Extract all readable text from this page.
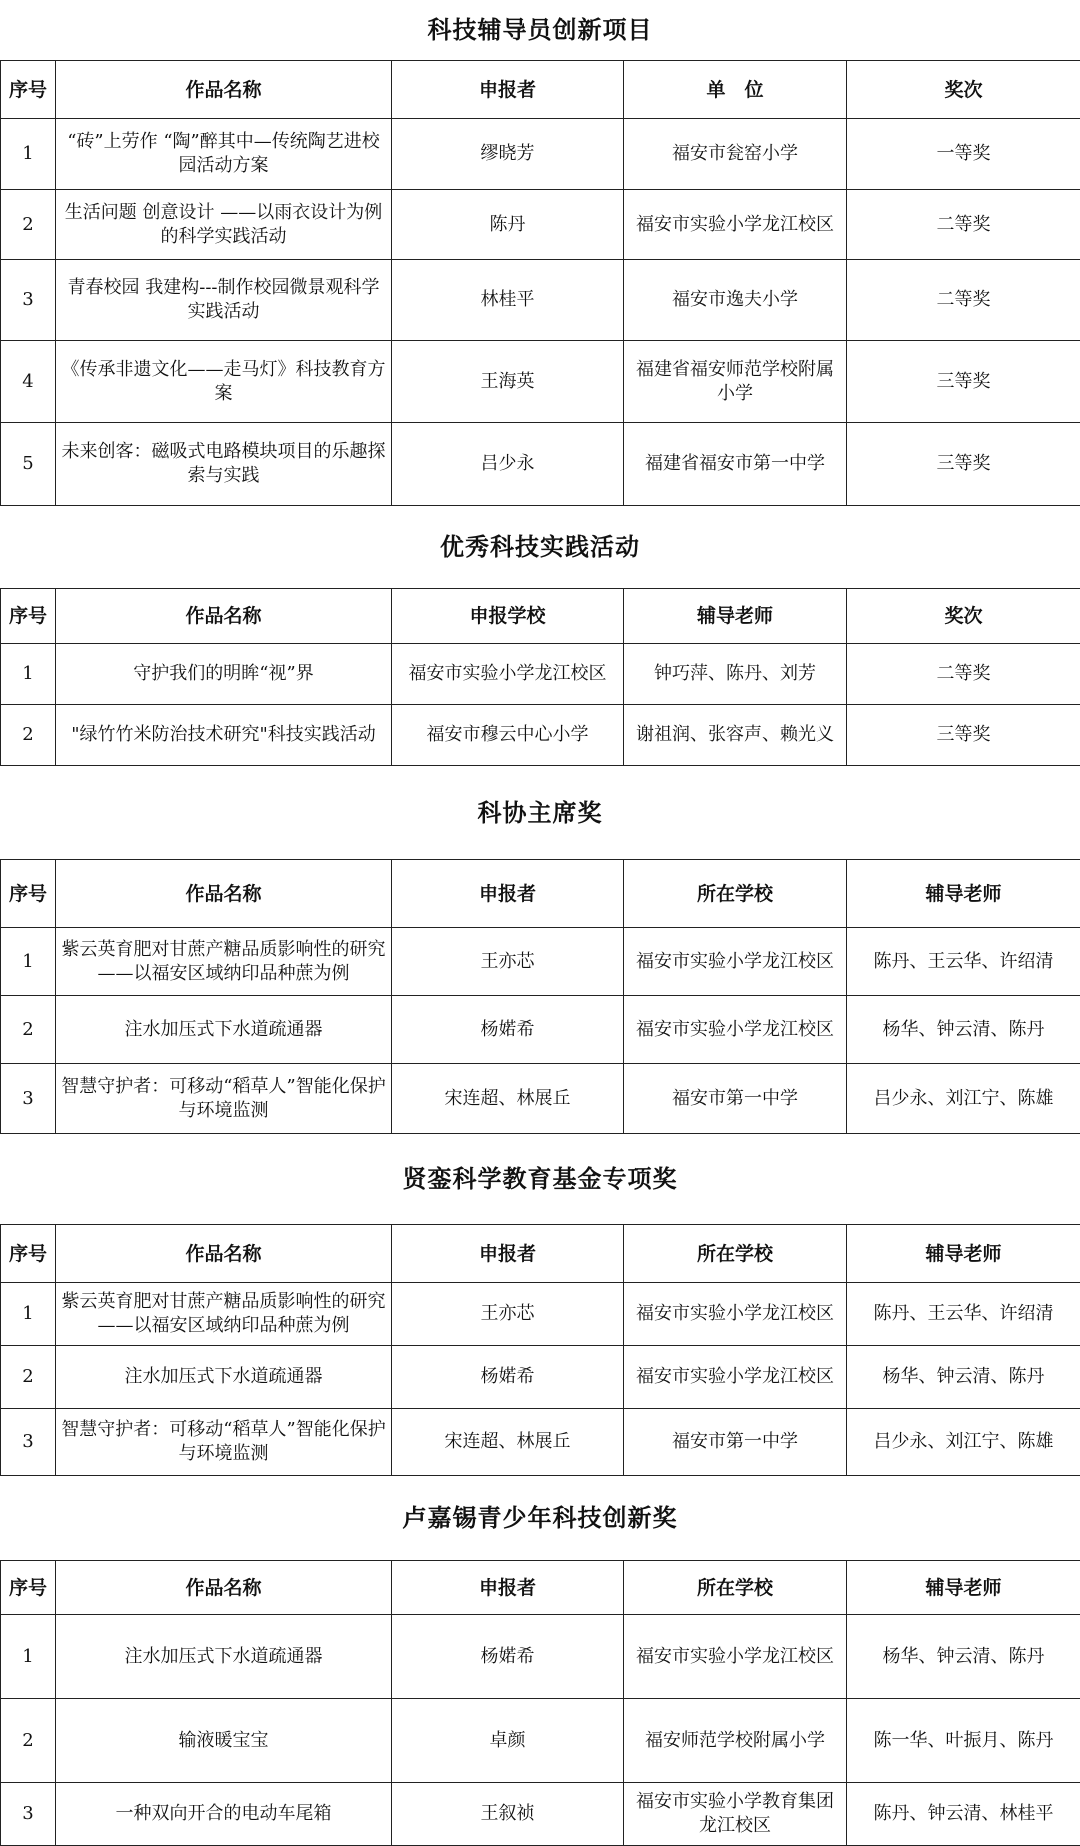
科技辅导员创新项目
序号	作品名称	申报者	单　位	奖次
1	“砖”上劳作 “陶”醉其中—传统陶艺进校园活动方案	缪晓芳	福安市瓮窑小学	一等奖
2	生活问题 创意设计 ——以雨衣设计为例的科学实践活动	陈丹	福安市实验小学龙江校区	二等奖
3	青春校园 我建构---制作校园微景观科学实践活动	林桂平	福安市逸夫小学	二等奖
4	《传承非遗文化——走马灯》科技教育方案	王海英	福建省福安师范学校附属小学	三等奖
5	未来创客：磁吸式电路模块项目的乐趣探索与实践	吕少永	福建省福安市第一中学	三等奖
优秀科技实践活动
序号	作品名称	申报学校	辅导老师	奖次
1	守护我们的明眸“视”界	福安市实验小学龙江校区	钟巧萍、陈丹、刘芳	二等奖
2	"绿竹竹米防治技术研究"科技实践活动	福安市穆云中心小学	谢祖润、张容声、赖光义	三等奖
科协主席奖
序号	作品名称	申报者	所在学校	辅导老师
1	紫云英育肥对甘蔗产糖品质影响性的研究——以福安区域纳印品种蔗为例	王亦芯	福安市实验小学龙江校区	陈丹、王云华、许绍清
2	注水加压式下水道疏通器	杨婼希	福安市实验小学龙江校区	杨华、钟云清、陈丹
3	智慧守护者：可移动“稻草人”智能化保护与环境监测	宋连超、林展丘	福安市第一中学	吕少永、刘江宁、陈雄
贤銮科学教育基金专项奖
序号	作品名称	申报者	所在学校	辅导老师
1	紫云英育肥对甘蔗产糖品质影响性的研究——以福安区域纳印品种蔗为例	王亦芯	福安市实验小学龙江校区	陈丹、王云华、许绍清
2	注水加压式下水道疏通器	杨婼希	福安市实验小学龙江校区	杨华、钟云清、陈丹
3	智慧守护者：可移动“稻草人”智能化保护与环境监测	宋连超、林展丘	福安市第一中学	吕少永、刘江宁、陈雄
卢嘉锡青少年科技创新奖
序号	作品名称	申报者	所在学校	辅导老师
1	注水加压式下水道疏通器	杨婼希	福安市实验小学龙江校区	杨华、钟云清、陈丹
2	输液暖宝宝	卓颜	福安师范学校附属小学	陈一华、叶振月、陈丹
3	一种双向开合的电动车尾箱	王叙祯	福安市实验小学教育集团龙江校区	陈丹、钟云清、林桂平
